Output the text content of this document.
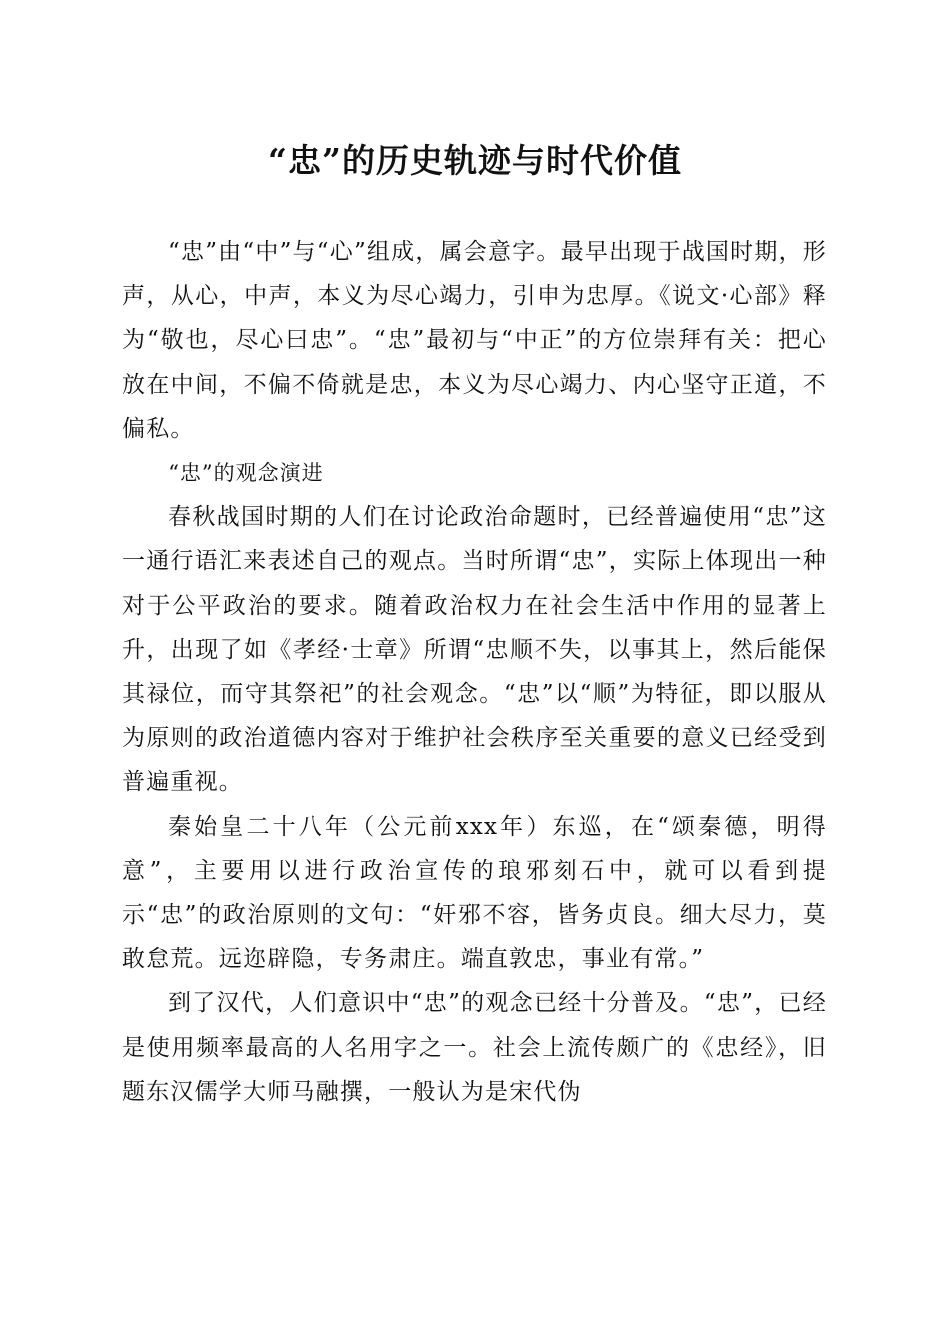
“忠”的历史轨迹与时代价值

“忠”由“中”与“心”组成，属会意字。最早出现于战国时期，形声，从心，中声，本义为尽心竭力，引申为忠厚。《说文·心部》释为“敬也，尽心曰忠”。“忠”最初与“中正”的方位崇拜有关：把心放在中间，不偏不倚就是忠，本义为尽心竭力、内心坚守正道，不偏私。

“忠”的观念演进

春秋战国时期的人们在讨论政治命题时，已经普遍使用“忠”这一通行语汇来表述自己的观点。当时所谓“忠”，实际上体现出一种对于公平政治的要求。随着政治权力在社会生活中作用的显著上升，出现了如《孝经·士章》所谓“忠顺不失，以事其上，然后能保其禄位，而守其祭祀”的社会观念。“忠”以“顺”为特征，即以服从为原则的政治道德内容对于维护社会秩序至关重要的意义已经受到普遍重视。

秦始皇二十八年（公元前xxx年）东巡，在“颂秦德，明得意”，主要用以进行政治宣传的琅邪刻石中，就可以看到提示“忠”的政治原则的文句：“奸邪不容，皆务贞良。细大尽力，莫敢怠荒。远迩辟隐，专务肃庄。端直敦忠，事业有常。”

到了汉代，人们意识中“忠”的观念已经十分普及。“忠”，已经是使用频率最高的人名用字之一。社会上流传颇广的《忠经》，旧题东汉儒学大师马融撰，一般认为是宋代伪
